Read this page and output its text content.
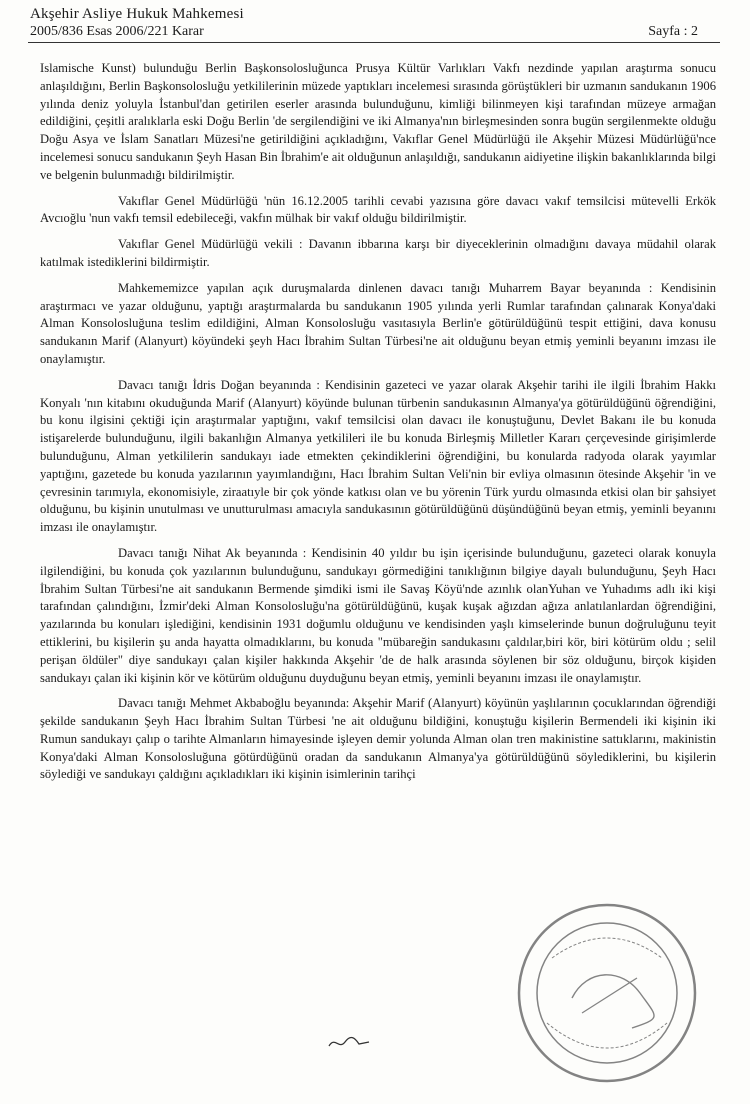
Akşehir Asliye Hukuk Mahkemesi
2005/836 Esas 2006/221 Karar	Sayfa : 2

Islamische Kunst) bulunduğu Berlin Başkonsolosluğunca Prusya Kültür Varlıkları Vakfı nezdinde yapılan araştırma sonucu anlaşıldığını, Berlin Başkonsolosluğu yetkililerinin müzede yaptıkları incelemesi sırasında görüştükleri bir uzmanın sandukanın 1906 yılında deniz yoluyla İstanbul'dan getirilen eserler arasında bulunduğunu, kimliği bilinmeyen kişi tarafından müzeye armağan edildiğini, çeşitli aralıklarla eski Doğu Berlin 'de sergilendiğini ve iki Almanya'nın birleşmesinden sonra bugün sergilenmekte olduğu Doğu Asya ve İslam Sanatları Müzesi'ne getirildiğini açıkladığını, Vakıflar Genel Müdürlüğü ile Akşehir Müzesi Müdürlüğü'nce incelemesi sonucu sandukanın Şeyh Hasan Bin İbrahim'e ait olduğunun anlaşıldığı, sandukanın aidiyetine ilişkin bakanlıklarında bilgi ve belgenin bulunmadığı bildirilmiştir.

Vakıflar Genel Müdürlüğü 'nün 16.12.2005 tarihli cevabi yazısına göre davacı vakıf temsilcisi mütevelli Erkök Avcıoğlu 'nun vakfı temsil edebileceği, vakfın mülhak bir vakıf olduğu bildirilmiştir.

Vakıflar Genel Müdürlüğü vekili : Davanın ibbarına karşı bir diyeceklerinin olmadığını davaya müdahil olarak katılmak istediklerini bildirmiştir.

Mahkememizce yapılan açık duruşmalarda dinlenen davacı tanığı Muharrem Bayar beyanında : Kendisinin araştırmacı ve yazar olduğunu, yaptığı araştırmalarda bu sandukanın 1905 yılında yerli Rumlar tarafından çalınarak Konya'daki Alman Konsolosluğuna teslim edildiğini, Alman Konsolosluğu vasıtasıyla Berlin'e götürüldüğünü tespit ettiğini, dava konusu sandukanın Marif (Alanyurt) köyündeki şeyh Hacı İbrahim Sultan Türbesi'ne ait olduğunu beyan etmiş yeminli beyanını imzası ile onaylamıştır.

Davacı tanığı İdris Doğan beyanında : Kendisinin gazeteci ve yazar olarak Akşehir tarihi ile ilgili İbrahim Hakkı Konyalı 'nın kitabını okuduğunda Marif (Alanyurt) köyünde bulunan türbenin sandukasının Almanya'ya götürüldüğünü öğrendiğini, bu konu ilgisini çektiği için araştırmalar yaptığını, vakıf temsilcisi olan davacı ile konuştuğunu, Devlet Bakanı ile bu konuda istişarelerde bulunduğunu, ilgili bakanlığın Almanya yetkilileri ile bu konuda Birleşmiş Milletler Kararı çerçevesinde girişimlerde bulunduğunu, Alman yetkililerin sandukayı iade etmekten çekindiklerini öğrendiğini, bu konularda radyoda olarak yayımlar yaptığını, gazetede bu konuda yazılarının yayımlandığını, Hacı İbrahim Sultan Veli'nin bir evliya olmasının ötesinde Akşehir 'in ve çevresinin tarımıyla, ekonomisiyle, ziraatıyle bir çok yönde katkısı olan ve bu yörenin Türk yurdu olmasında etkisi olan bir şahsiyet olduğunu, bu kişinin unutulması ve unutturulması amacıyla sandukasının götürüldüğünü düşündüğünü beyan etmiş, yeminli beyanını imzası ile onaylamıştır.

Davacı tanığı Nihat Ak beyanında : Kendisinin 40 yıldır bu işin içerisinde bulunduğunu, gazeteci olarak konuyla ilgilendiğini, bu konuda çok yazılarının bulunduğunu, sandukayı görmediğini tanıklığının bilgiye dayalı bulunduğunu, Şeyh Hacı İbrahim Sultan Türbesi'ne ait sandukanın Bermende şimdiki ismi ile Savaş Köyü'nde azınlık olanYuhan ve Yuhadıms adlı iki kişi tarafından çalındığını, İzmir'deki Alman Konsolosluğu'na götürüldüğünü, kuşak kuşak ağızdan ağıza anlatılanlardan öğrendiğini, yazılarında bu konuları işlediğini, kendisinin 1931 doğumlu olduğunu ve kendisinden yaşlı kimselerinde bunun doğruluğunu teyit ettiklerini, bu kişilerin şu anda hayatta olmadıklarını, bu konuda "mübareğin sandukasını çaldılar,biri kör, biri kötürüm oldu ; selil perişan öldüler" diye sandukayı çalan kişiler hakkında Akşehir 'de de halk arasında söylenen bir söz olduğunu, birçok kişiden sandukayı çalan iki kişinin kör ve kötürüm olduğunu duyduğunu beyan etmiş, yeminli beyanını imzası ile onaylamıştır.

Davacı tanığı Mehmet Akbaboğlu beyanında: Akşehir Marif (Alanyurt) köyünün yaşlılarının çocuklarından öğrendiği şekilde sandukanın Şeyh Hacı İbrahim Sultan Türbesi 'ne ait olduğunu bildiğini, konuştuğu kişilerin Bermendeli iki kişinin iki Rumun sandukayı çalıp o tarihte Almanların himayesinde işleyen demir yolunda Alman olan tren makinistine sattıklarını, makinistin Konya'daki Alman Konsolosluğuna götürdüğünü oradan da sandukanın Almanya'ya götürüldüğünü söylediklerini, bu kişilerin söylediği ve sandukayı çaldığını açıkladıkları iki kişinin isimlerinin tarihçi
